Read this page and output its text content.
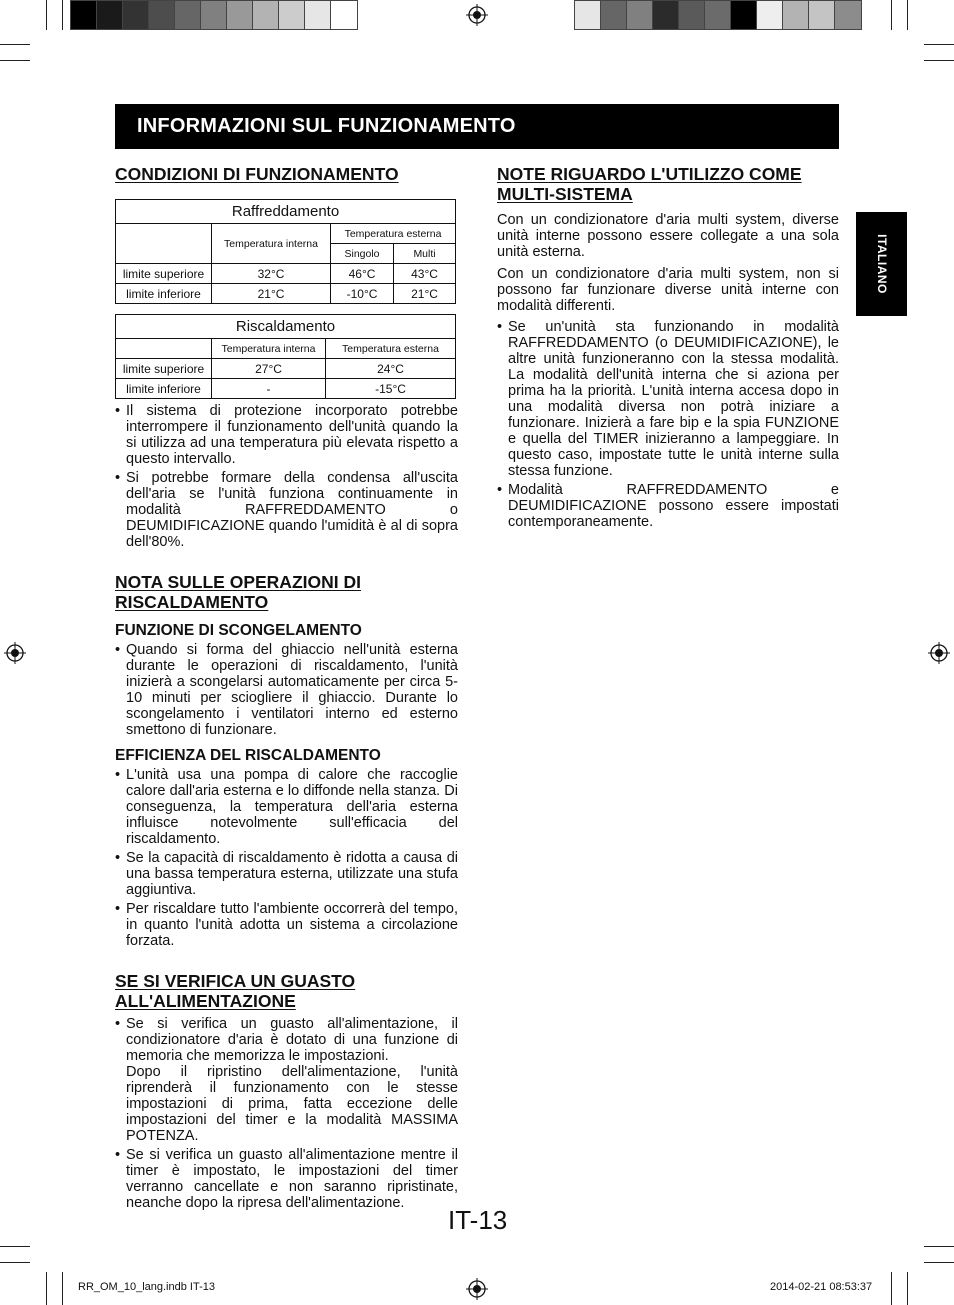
INFORMAZIONI SUL FUNZIONAMENTO
ITALIANO
CONDIZIONI DI FUNZIONAMENTO
Raffreddamento			
	Temperatura interna	Temperatura esterna	
		Singolo	Multi
limite superiore	32°C	46°C	43°C
limite inferiore	21°C	-10°C	21°C
Riscaldamento		
	Temperatura interna	Temperatura esterna
limite superiore	27°C	24°C
limite inferiore	-	-15°C
• Il sistema di protezione incorporato potrebbe interrompere il funzionamento dell'unità quando la si utilizza ad una temperatura più elevata rispetto a questo intervallo.
• Si potrebbe formare della condensa all'uscita dell'aria se l'unità funziona continuamente in modalità RAFFREDDAMENTO o DEUMIDIFICAZIONE quando l'umidità è al di sopra dell'80%.
NOTA SULLE OPERAZIONI DI RISCALDAMENTO
FUNZIONE DI SCONGELAMENTO
• Quando si forma del ghiaccio nell'unità esterna durante le operazioni di riscaldamento, l'unità inizierà a scongelarsi automaticamente per circa 5-10 minuti per sciogliere il ghiaccio. Durante lo scongelamento i ventilatori interno ed esterno smettono di funzionare.
EFFICIENZA DEL RISCALDAMENTO
• L'unità usa una pompa di calore che raccoglie calore dall'aria esterna e lo diffonde nella stanza. Di conseguenza, la temperatura dell'aria esterna influisce notevolmente sull'efficacia del riscaldamento.
• Se la capacità di riscaldamento è ridotta a causa di una bassa temperatura esterna, utilizzate una stufa aggiuntiva.
• Per riscaldare tutto l'ambiente occorrerà del tempo, in quanto l'unità adotta un sistema a circolazione forzata.
SE SI VERIFICA UN GUASTO ALL'ALIMENTAZIONE
• Se si verifica un guasto all'alimentazione, il condizionatore d'aria è dotato di una funzione di memoria che memorizza le impostazioni.
Dopo il ripristino dell'alimentazione, l'unità riprenderà il funzionamento con le stesse impostazioni di prima, fatta eccezione delle impostazioni del timer e la modalità MASSIMA POTENZA.
• Se si verifica un guasto all'alimentazione mentre il timer è impostato, le impostazioni del timer verranno cancellate e non saranno ripristinate, neanche dopo la ripresa dell'alimentazione.
NOTE RIGUARDO L'UTILIZZO COME MULTI-SISTEMA

Con un condizionatore d'aria multi system, diverse unità interne possono essere collegate a una sola unità esterna.

Con un condizionatore d'aria multi system, non si possono far funzionare diverse unità interne con modalità differenti.

• Se un'unità sta funzionando in modalità RAFFREDDAMENTO (o DEUMIDIFICAZIONE), le altre unità funzioneranno con la stessa modalità. La modalità dell'unità interna che si aziona per prima ha la priorità. L'unità interna accesa dopo in una modalità diversa non potrà iniziare a funzionare. Inizierà a fare bip e la spia FUNZIONE e quella del TIMER inizieranno a lampeggiare. In questo caso, impostate tutte le unità interne sulla stessa funzione.
• Modalità RAFFREDDAMENTO e DEUMIDIFICAZIONE possono essere impostati contemporaneamente.
IT-13
RR_OM_10_lang.indb IT-13	2014-02-21 08:53:37
